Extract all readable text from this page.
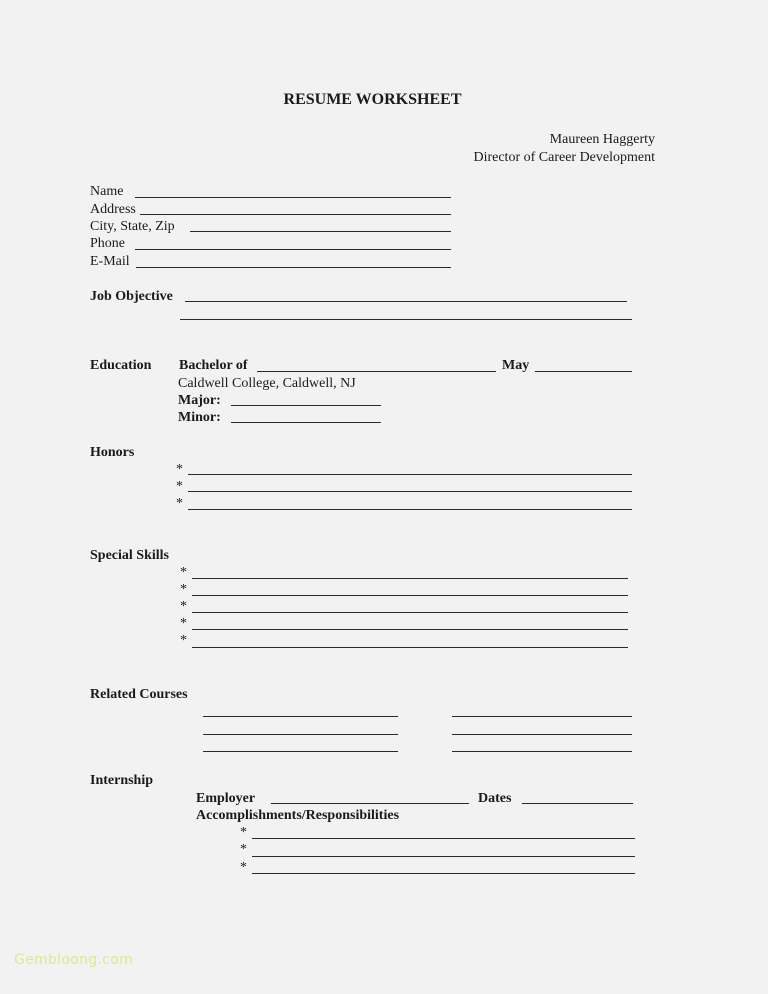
RESUME WORKSHEET
Maureen Haggerty
Director of Career Development
Name
Address
City, State, Zip
Phone
E-Mail
Job Objective
Education Bachelor of	May
Caldwell College, Caldwell, NJ
Major:
Minor:
Honors
*
*
*
Special Skills
*
*
*
*
*
Related Courses
Internship
Employer	Dates
Accomplishments/Responsibilities
*
*
*
Gembloong.com
